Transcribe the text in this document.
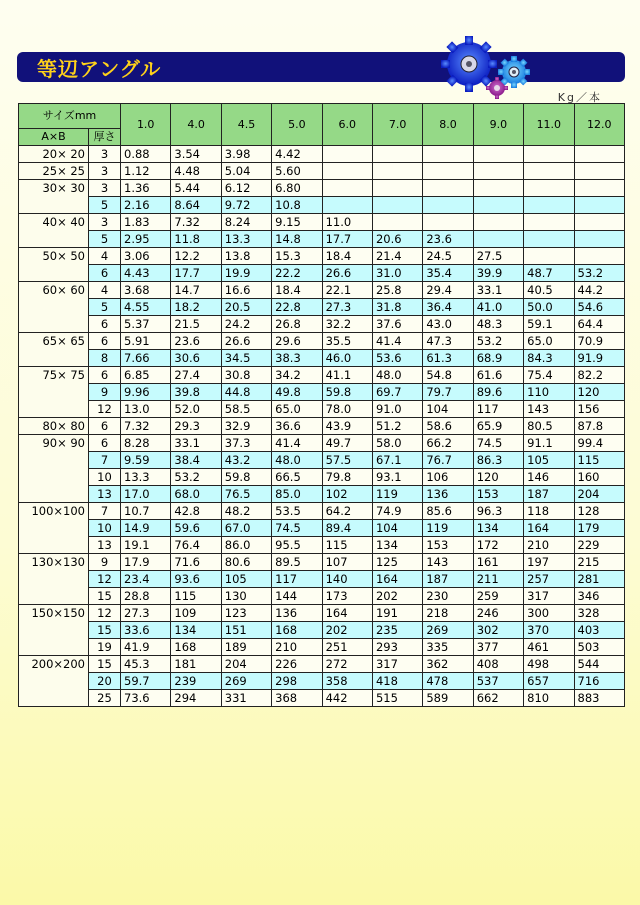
等辺アングル
Kg／本
サイズmm		1.0	4.0	4.5	5.0	6.0	7.0	8.0	9.0	11.0	12.0
A×B	厚さ										
20× 20	3	0.88	3.54	3.98	4.42						
25× 25	3	1.12	4.48	5.04	5.60						
30× 30	3	1.36	5.44	6.12	6.80						
	5	2.16	8.64	9.72	10.8						
40× 40	3	1.83	7.32	8.24	9.15	11.0					
	5	2.95	11.8	13.3	14.8	17.7	20.6	23.6			
50× 50	4	3.06	12.2	13.8	15.3	18.4	21.4	24.5	27.5		
	6	4.43	17.7	19.9	22.2	26.6	31.0	35.4	39.9	48.7	53.2
60× 60	4	3.68	14.7	16.6	18.4	22.1	25.8	29.4	33.1	40.5	44.2
	5	4.55	18.2	20.5	22.8	27.3	31.8	36.4	41.0	50.0	54.6
	6	5.37	21.5	24.2	26.8	32.2	37.6	43.0	48.3	59.1	64.4
65× 65	6	5.91	23.6	26.6	29.6	35.5	41.4	47.3	53.2	65.0	70.9
	8	7.66	30.6	34.5	38.3	46.0	53.6	61.3	68.9	84.3	91.9
75× 75	6	6.85	27.4	30.8	34.2	41.1	48.0	54.8	61.6	75.4	82.2
	9	9.96	39.8	44.8	49.8	59.8	69.7	79.7	89.6	110	120
	12	13.0	52.0	58.5	65.0	78.0	91.0	104	117	143	156
80× 80	6	7.32	29.3	32.9	36.6	43.9	51.2	58.6	65.9	80.5	87.8
90× 90	6	8.28	33.1	37.3	41.4	49.7	58.0	66.2	74.5	91.1	99.4
	7	9.59	38.4	43.2	48.0	57.5	67.1	76.7	86.3	105	115
	10	13.3	53.2	59.8	66.5	79.8	93.1	106	120	146	160
	13	17.0	68.0	76.5	85.0	102	119	136	153	187	204
100×100	7	10.7	42.8	48.2	53.5	64.2	74.9	85.6	96.3	118	128
	10	14.9	59.6	67.0	74.5	89.4	104	119	134	164	179
	13	19.1	76.4	86.0	95.5	115	134	153	172	210	229
130×130	9	17.9	71.6	80.6	89.5	107	125	143	161	197	215
	12	23.4	93.6	105	117	140	164	187	211	257	281
	15	28.8	115	130	144	173	202	230	259	317	346
150×150	12	27.3	109	123	136	164	191	218	246	300	328
	15	33.6	134	151	168	202	235	269	302	370	403
	19	41.9	168	189	210	251	293	335	377	461	503
200×200	15	45.3	181	204	226	272	317	362	408	498	544
	20	59.7	239	269	298	358	418	478	537	657	716
	25	73.6	294	331	368	442	515	589	662	810	883
